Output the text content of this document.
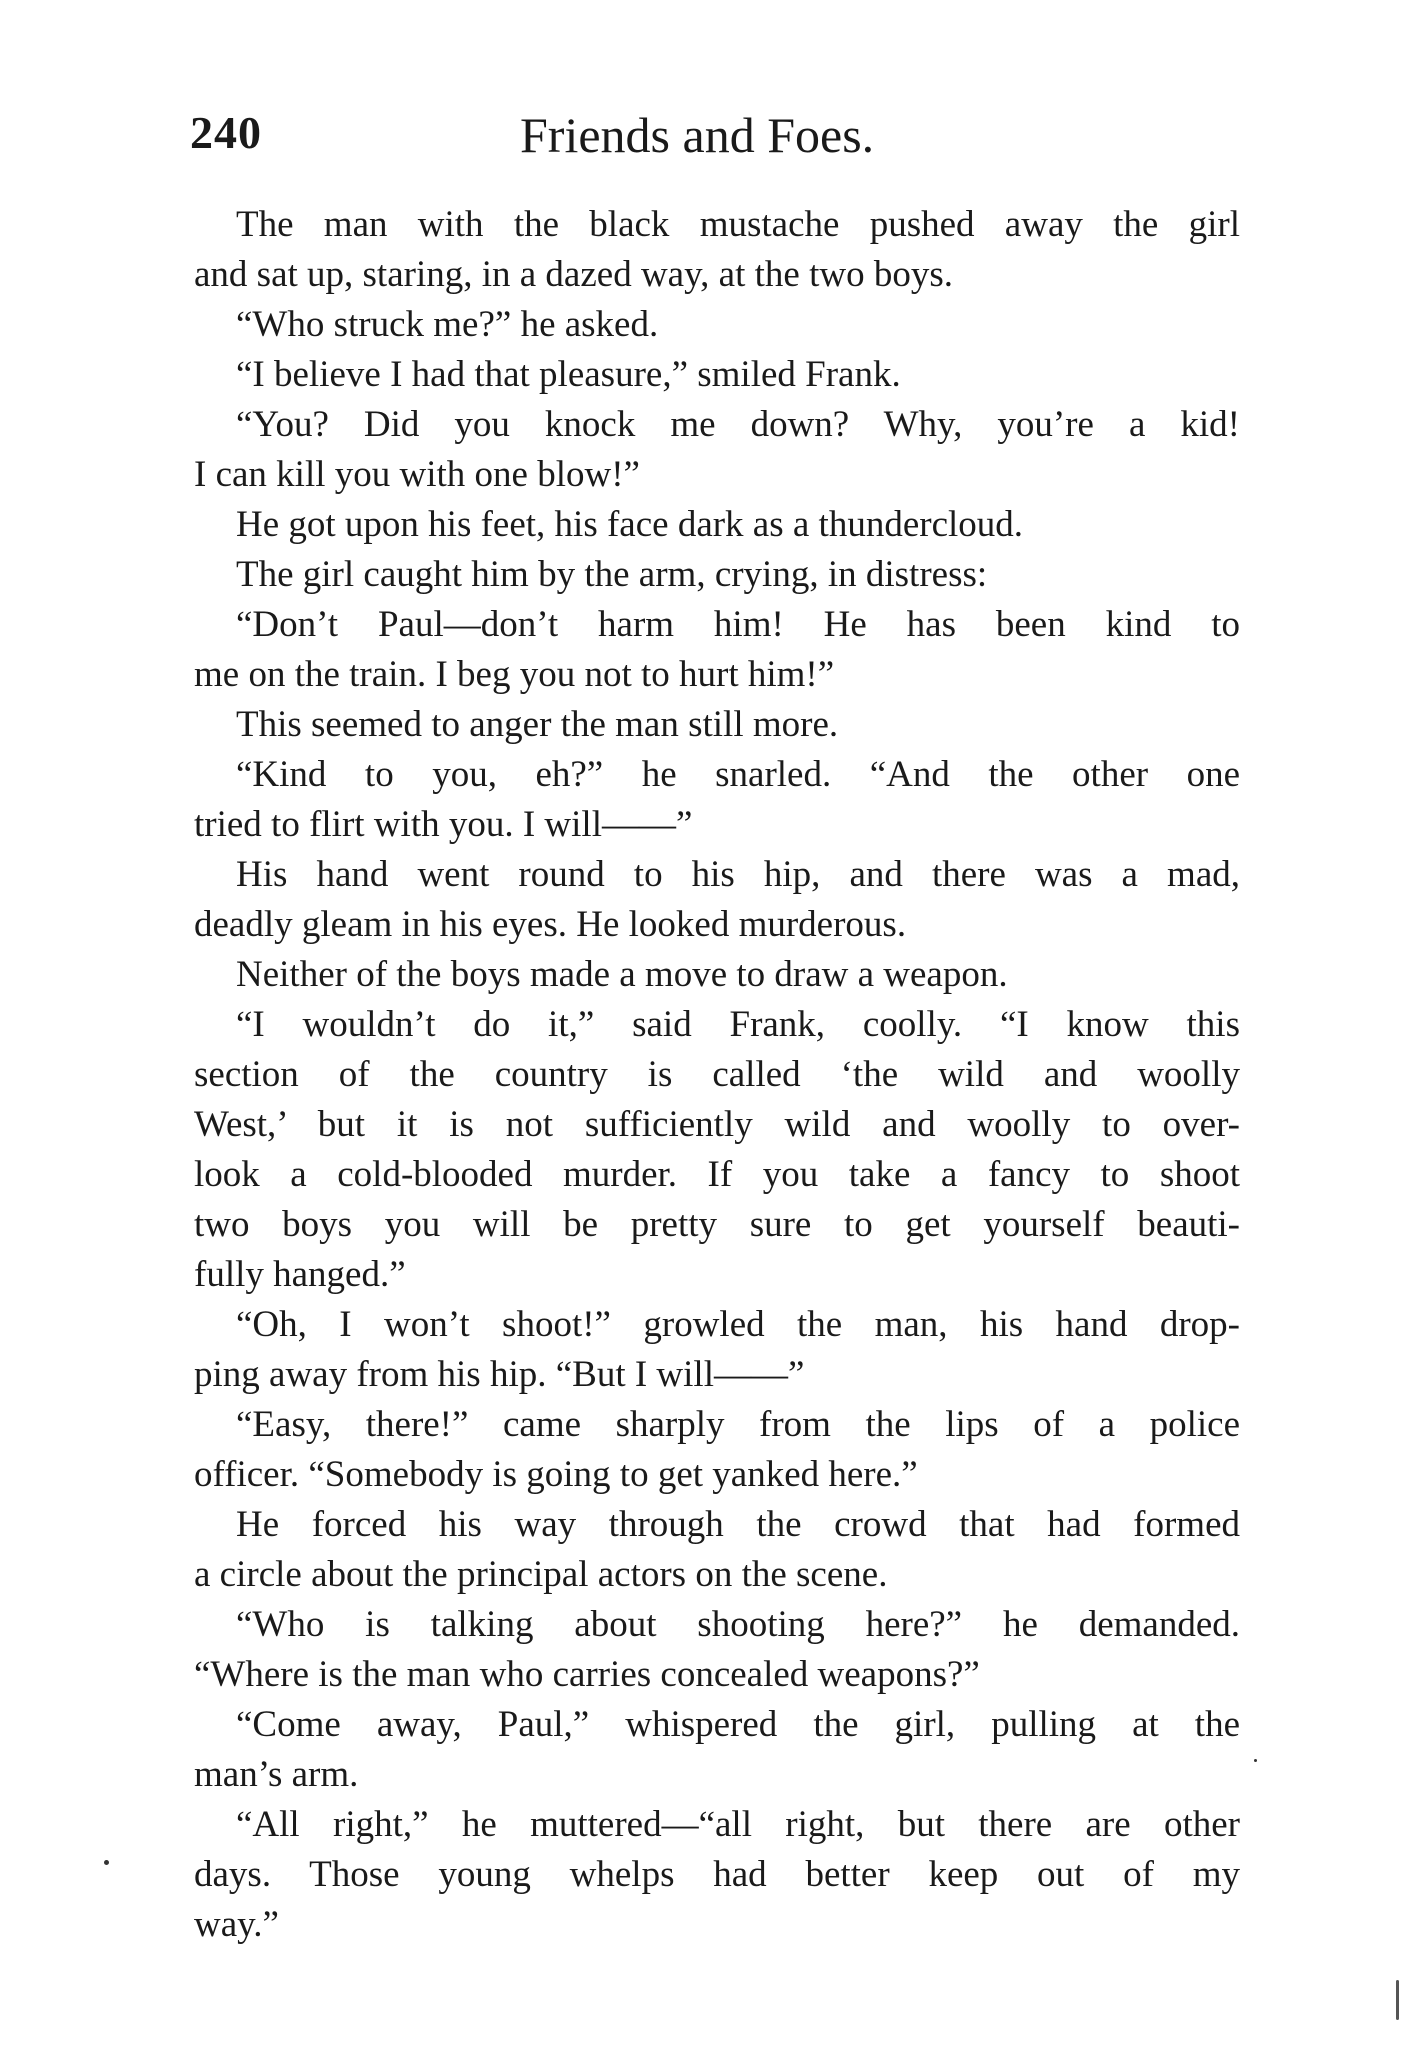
240	Friends and Foes.
The man with the black mustache pushed away the girl
and sat up, staring, in a dazed way, at the two boys.
“Who struck me?” he asked.
“I believe I had that pleasure,” smiled Frank.
“You? Did you knock me down? Why, you’re a kid!
I can kill you with one blow!”
He got upon his feet, his face dark as a thundercloud.
The girl caught him by the arm, crying, in distress:
“Don’t Paul—don’t harm him! He has been kind to
me on the train. I beg you not to hurt him!”
This seemed to anger the man still more.
“Kind to you, eh?” he snarled. “And the other one
tried to flirt with you. I will——”
His hand went round to his hip, and there was a mad,
deadly gleam in his eyes. He looked murderous.
Neither of the boys made a move to draw a weapon.
“I wouldn’t do it,” said Frank, coolly. “I know this
section of the country is called ‘the wild and woolly
West,’ but it is not sufficiently wild and woolly to over-
look a cold-blooded murder. If you take a fancy to shoot
two boys you will be pretty sure to get yourself beauti-
fully hanged.”
“Oh, I won’t shoot!” growled the man, his hand drop-
ping away from his hip. “But I will——”
“Easy, there!” came sharply from the lips of a police
officer. “Somebody is going to get yanked here.”
He forced his way through the crowd that had formed
a circle about the principal actors on the scene.
“Who is talking about shooting here?” he demanded.
“Where is the man who carries concealed weapons?”
“Come away, Paul,” whispered the girl, pulling at the
man’s arm.
“All right,” he muttered—“all right, but there are other
days. Those young whelps had better keep out of my
way.”
